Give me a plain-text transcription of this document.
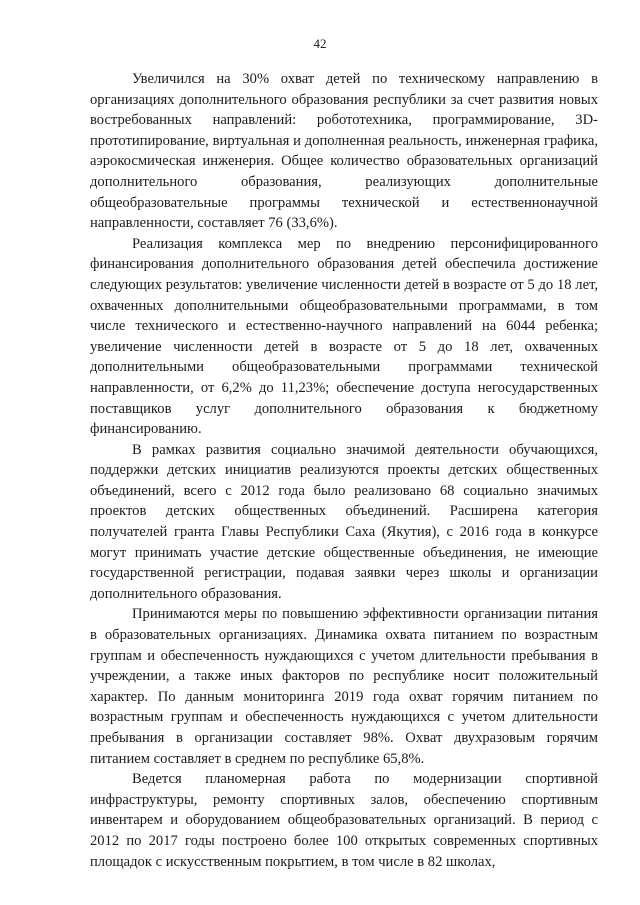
42

Увеличился на 30% охват детей по техническому направлению в организациях дополнительного образования республики за счет развития новых востребованных направлений: робототехника, программирование, 3D-прототипирование, виртуальная и дополненная реальность, инженерная графика, аэрокосмическая инженерия. Общее количество образовательных организаций дополнительного образования, реализующих дополнительные общеобразовательные программы технической и естественнонаучной направленности, составляет 76 (33,6%).

Реализация комплекса мер по внедрению персонифицированного финансирования дополнительного образования детей обеспечила достижение следующих результатов: увеличение численности детей в возрасте от 5 до 18 лет, охваченных дополнительными общеобразовательными программами, в том числе технического и естественно-научного направлений на 6044 ребенка; увеличение численности детей в возрасте от 5 до 18 лет, охваченных дополнительными общеобразовательными программами технической направленности, от 6,2% до 11,23%; обеспечение доступа негосударственных поставщиков услуг дополнительного образования к бюджетному финансированию.

В рамках развития социально значимой деятельности обучающихся, поддержки детских инициатив реализуются проекты детских общественных объединений, всего с 2012 года было реализовано 68 социально значимых проектов детских общественных объединений. Расширена категория получателей гранта Главы Республики Саха (Якутия), с 2016 года в конкурсе могут принимать участие детские общественные объединения, не имеющие государственной регистрации, подавая заявки через школы и организации дополнительного образования.

Принимаются меры по повышению эффективности организации питания в образовательных организациях. Динамика охвата питанием по возрастным группам и обеспеченность нуждающихся с учетом длительности пребывания в учреждении, а также иных факторов по республике носит положительный характер. По данным мониторинга 2019 года охват горячим питанием по возрастным группам и обеспеченность нуждающихся с учетом длительности пребывания в организации составляет 98%. Охват двухразовым горячим питанием составляет в среднем по республике 65,8%.

Ведется планомерная работа по модернизации спортивной инфраструктуры, ремонту спортивных залов, обеспечению спортивным инвентарем и оборудованием общеобразовательных организаций. В период с 2012 по 2017 годы построено более 100 открытых современных спортивных площадок с искусственным покрытием, в том числе в 82 школах,
